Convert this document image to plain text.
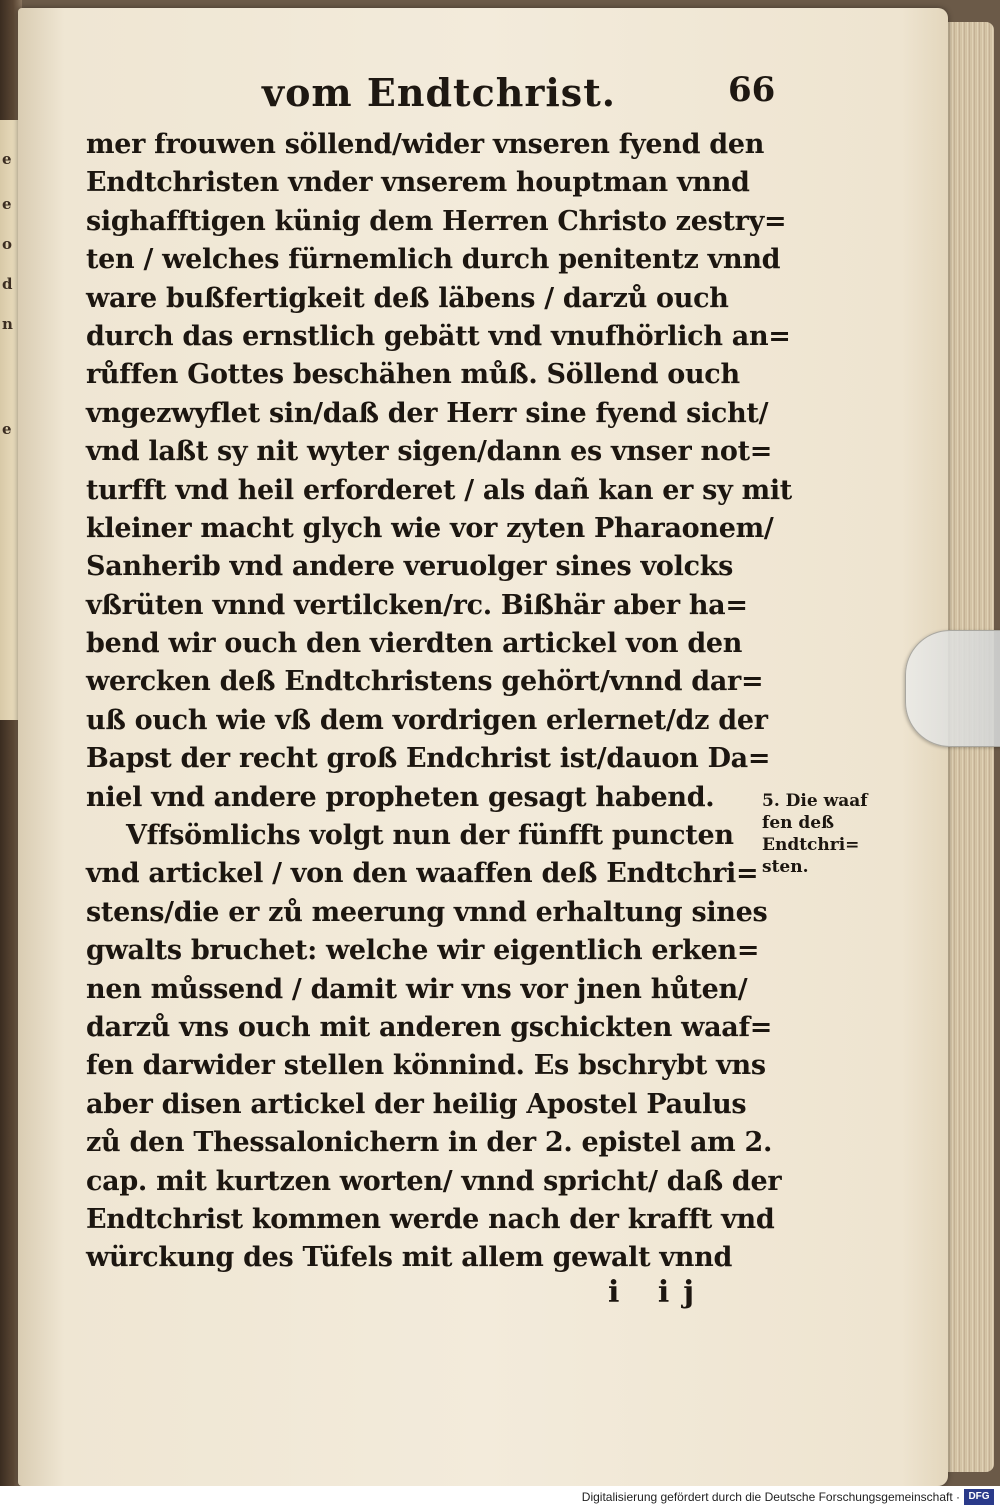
e
e
o
d
n
e
vom Endtchrist.	66
mer frouwen söllend/wider vnseren fyend den
Endtchristen vnder vnserem houptman vnnd
sighafftigen künig dem Herren Christo zestry=
ten / welches fürnemlich durch penitentz vnnd
ware bußfertigkeit deß läbens / darzů ouch
durch das ernstlich gebätt vnd vnufhörlich an=
růffen Gottes beschähen můß. Söllend ouch
vngezwyflet sin/daß der Herr sine fyend sicht/
vnd laßt sy nit wyter sigen/dann es vnser not=
turfft vnd heil erforderet / als dañ kan er sy mit
kleiner macht glych wie vor zyten Pharaonem/
Sanherib vnd andere veruolger sines volcks
vßrüten vnnd vertilcken/rc. Bißhär aber ha=
bend wir ouch den vierdten artickel von den
wercken deß Endtchristens gehört/vnnd dar=
uß ouch wie vß dem vordrigen erlernet/dz der
Bapst der recht groß Endchrist ist/dauon Da=
niel vnd andere propheten gesagt habend.
Vffsömlichs volgt nun der fünfft puncten
vnd artickel / von den waaffen deß Endtchri=
stens/die er zů meerung vnnd erhaltung sines
gwalts bruchet: welche wir eigentlich erken=
nen můssend / damit wir vns vor jnen hůten/
darzů vns ouch mit anderen gschickten waaf=
fen darwider stellen könnind. Es bschrybt vns
aber disen artickel der heilig Apostel Paulus
zů den Thessalonichern in der 2. epistel am 2.
cap. mit kurtzen worten/ vnnd spricht/ daß der
Endtchrist kommen werde nach der krafft vnd
würckung des Tüfels mit allem gewalt vnnd
5. Die waaf
fen deß
Endtchri=
sten.
i ij
Digitalisierung gefördert durch die Deutsche Forschungsgemeinschaft · DFG
